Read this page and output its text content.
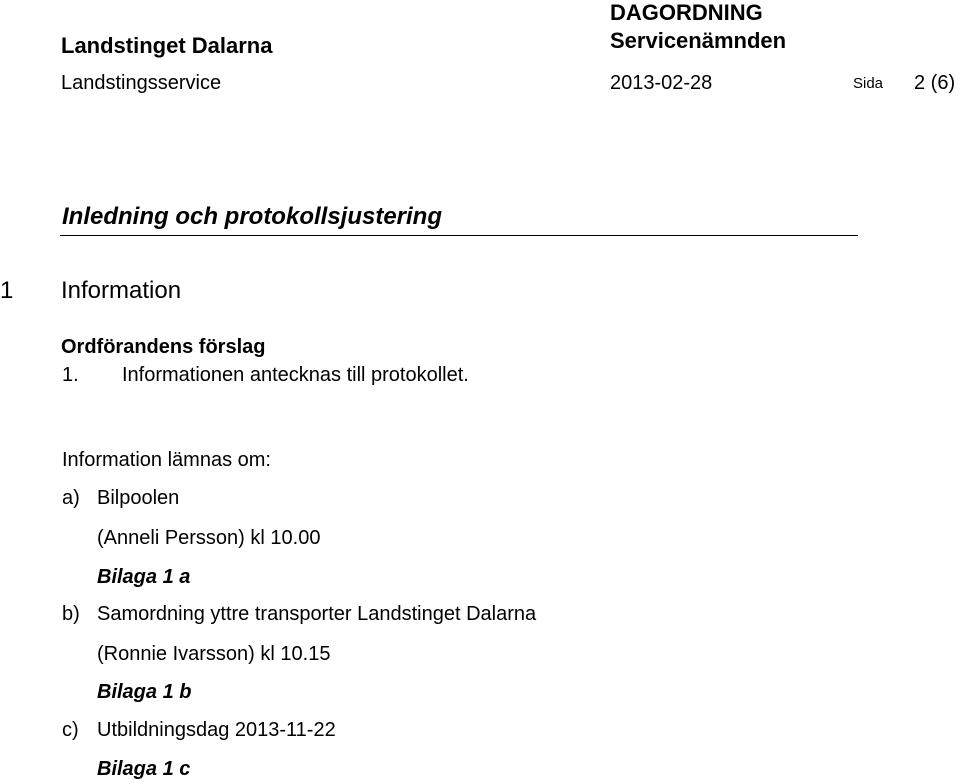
Landstinget Dalarna
Landstingsservice
DAGORDNING
Servicenämnden
2013-02-28	Sida 2 (6)
Inledning och protokollsjustering
1 Information
Ordförandens förslag
1. Informationen antecknas till protokollet.
Information lämnas om:
a) Bilpoolen
(Anneli Persson) kl 10.00
Bilaga 1 a
b) Samordning yttre transporter Landstinget Dalarna
(Ronnie Ivarsson) kl 10.15
Bilaga 1 b
c) Utbildningsdag 2013-11-22
Bilaga 1 c
